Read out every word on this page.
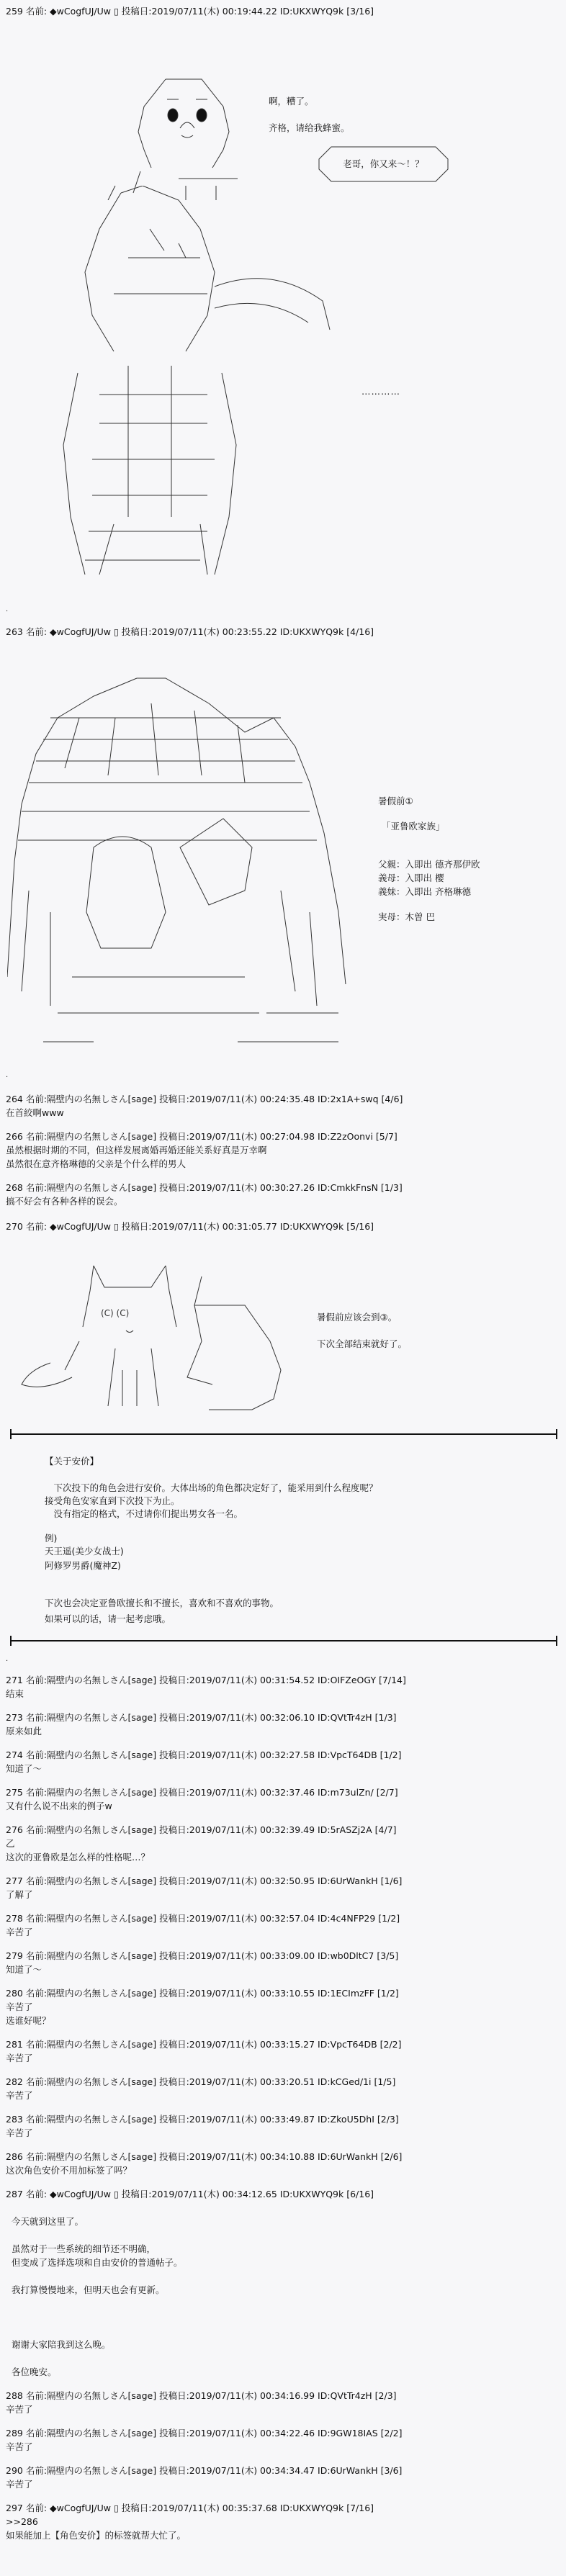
259 名前: ◆wCogfUJ/Uw ▯ 投稿日:2019/07/11(木) 00:19:44.22 ID:UKXWYQ9k [3/16]
啊，糟了。
齐格，请给我蜂蜜。
老哥，你又来～！？
…………
.
263 名前: ◆wCogfUJ/Uw ▯ 投稿日:2019/07/11(木) 00:23:55.22 ID:UKXWYQ9k [4/16]
暑假前①
「亚鲁欧家族」
父親：入即出 德齐那伊欧
義母：入即出 樱
義妹：入即出 齐格琳德
実母：木曽 巴
.
264 名前:隔壁内の名無しさん[sage] 投稿日:2019/07/11(木) 00:24:35.48 ID:2x1A+swq [4/6]
在首絞啊www
266 名前:隔壁内の名無しさん[sage] 投稿日:2019/07/11(木) 00:27:04.98 ID:Z2zOonvi [5/7]
虽然根据时期的不同，但这样发展离婚再婚还能关系好真是万幸啊
虽然很在意齐格琳德的父亲是个什么样的男人
268 名前:隔壁内の名無しさん[sage] 投稿日:2019/07/11(木) 00:30:27.26 ID:CmkkFnsN [1/3]
搞不好会有各种各样的误会。
270 名前: ◆wCogfUJ/Uw ▯ 投稿日:2019/07/11(木) 00:31:05.77 ID:UKXWYQ9k [5/16]
(C) (C)	暑假前应该会到③。
下次全部结束就好了。
【关于安价】
　下次投下的角色会进行安价。大体出场的角色都决定好了，能采用到什么程度呢？
接受角色安家直到下次投下为止。
　没有指定的格式，不过请你们提出男女各一名。
例)
天王遥(美少女战士)
阿修罗男爵(魔神Z)
下次也会决定亚鲁欧擅长和不擅长，喜欢和不喜欢的事物。
如果可以的话，请一起考虑哦。
.
271 名前:隔壁内の名無しさん[sage] 投稿日:2019/07/11(木) 00:31:54.52 ID:OIFZeOGY [7/14]
结束
273 名前:隔壁内の名無しさん[sage] 投稿日:2019/07/11(木) 00:32:06.10 ID:QVtTr4zH [1/3]
原来如此
274 名前:隔壁内の名無しさん[sage] 投稿日:2019/07/11(木) 00:32:27.58 ID:VpcT64DB [1/2]
知道了～
275 名前:隔壁内の名無しさん[sage] 投稿日:2019/07/11(木) 00:32:37.46 ID:m73ulZn/ [2/7]
又有什么说不出来的例子w
276 名前:隔壁内の名無しさん[sage] 投稿日:2019/07/11(木) 00:32:39.49 ID:5rASZj2A [4/7]
乙
这次的亚鲁欧是怎么样的性格呢…？
277 名前:隔壁内の名無しさん[sage] 投稿日:2019/07/11(木) 00:32:50.95 ID:6UrWankH [1/6]
了解了
278 名前:隔壁内の名無しさん[sage] 投稿日:2019/07/11(木) 00:32:57.04 ID:4c4NFP29 [1/2]
辛苦了
279 名前:隔壁内の名無しさん[sage] 投稿日:2019/07/11(木) 00:33:09.00 ID:wb0DltC7 [3/5]
知道了～
280 名前:隔壁内の名無しさん[sage] 投稿日:2019/07/11(木) 00:33:10.55 ID:1ECImzFF [1/2]
辛苦了
选谁好呢？
281 名前:隔壁内の名無しさん[sage] 投稿日:2019/07/11(木) 00:33:15.27 ID:VpcT64DB [2/2]
辛苦了
282 名前:隔壁内の名無しさん[sage] 投稿日:2019/07/11(木) 00:33:20.51 ID:kCGed/1i [1/5]
辛苦了
283 名前:隔壁内の名無しさん[sage] 投稿日:2019/07/11(木) 00:33:49.87 ID:ZkoU5DhI [2/3]
辛苦了
286 名前:隔壁内の名無しさん[sage] 投稿日:2019/07/11(木) 00:34:10.88 ID:6UrWankH [2/6]
这次角色安价不用加标签了吗？
287 名前: ◆wCogfUJ/Uw ▯ 投稿日:2019/07/11(木) 00:34:12.65 ID:UKXWYQ9k [6/16]
今天就到这里了。
虽然对于一些系统的细节还不明确，
但变成了选择选项和自由安价的普通帖子。
我打算慢慢地来，但明天也会有更新。
谢谢大家陪我到这么晚。
各位晚安。
288 名前:隔壁内の名無しさん[sage] 投稿日:2019/07/11(木) 00:34:16.99 ID:QVtTr4zH [2/3]
辛苦了
289 名前:隔壁内の名無しさん[sage] 投稿日:2019/07/11(木) 00:34:22.46 ID:9GW18IAS [2/2]
辛苦了
290 名前:隔壁内の名無しさん[sage] 投稿日:2019/07/11(木) 00:34:34.47 ID:6UrWankH [3/6]
辛苦了
297 名前: ◆wCogfUJ/Uw ▯ 投稿日:2019/07/11(木) 00:35:37.68 ID:UKXWYQ9k [7/16]
>>286
如果能加上【角色安价】的标签就帮大忙了。
